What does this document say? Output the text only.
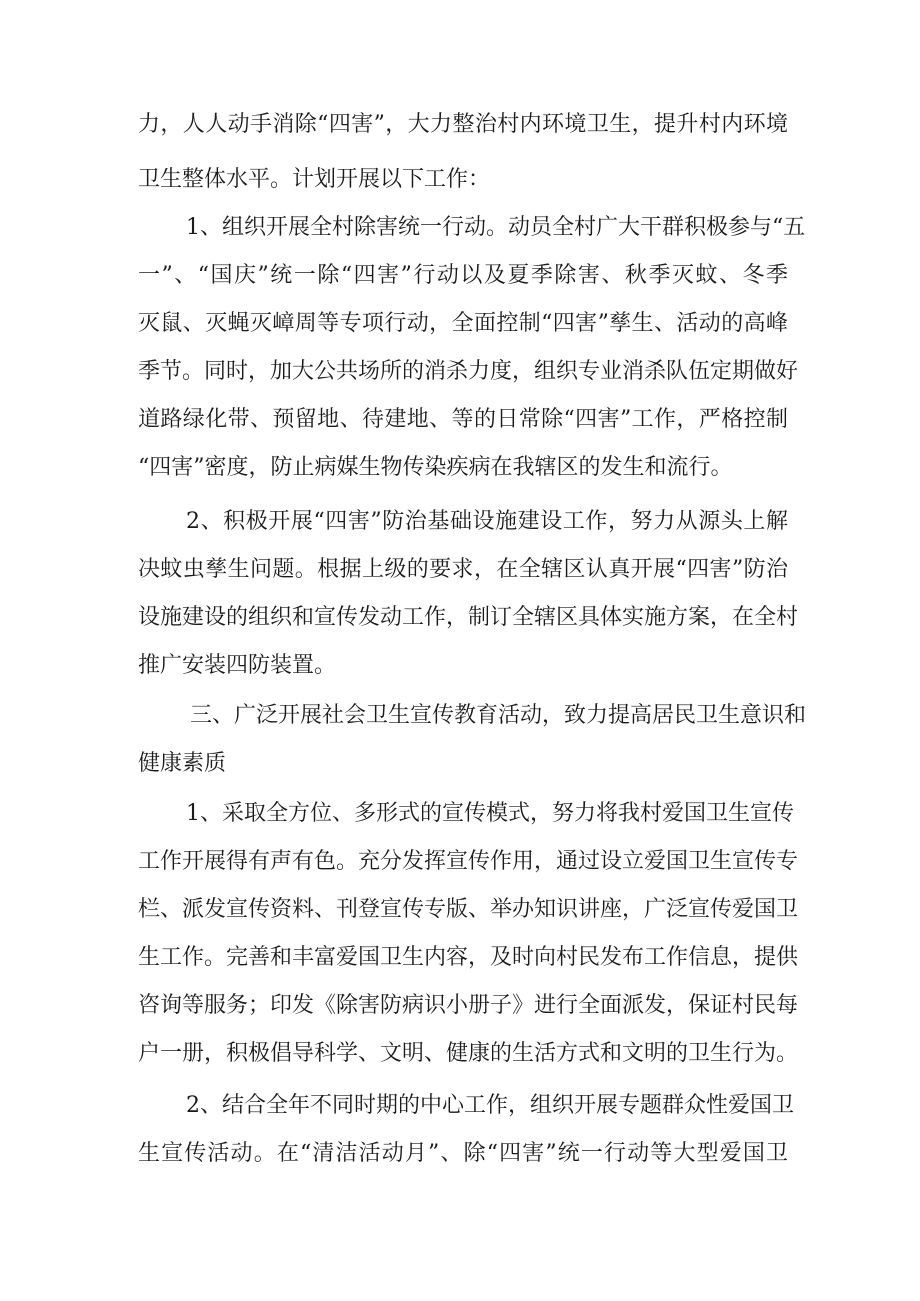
力，人人动手消除“四害”，大力整治村内环境卫生，提升村内环境
卫生整体水平。计划开展以下工作：
1、组织开展全村除害统一行动。动员全村广大干群积极参与“五
一”、“国庆”统一除“四害”行动以及夏季除害、秋季灭蚊、冬季
灭鼠、灭蝇灭嶂周等专项行动，全面控制“四害”孳生、活动的高峰
季节。同时，加大公共场所的消杀力度，组织专业消杀队伍定期做好
道路绿化带、预留地、待建地、等的日常除“四害”工作，严格控制
“四害”密度，防止病媒生物传染疾病在我辖区的发生和流行。
2、积极开展“四害”防治基础设施建设工作，努力从源头上解
决蚊虫孳生问题。根据上级的要求，在全辖区认真开展“四害”防治
设施建设的组织和宣传发动工作，制订全辖区具体实施方案，在全村
推广安装四防装置。
三、广泛开展社会卫生宣传教育活动，致力提高居民卫生意识和
健康素质
1、采取全方位、多形式的宣传模式，努力将我村爱国卫生宣传
工作开展得有声有色。充分发挥宣传作用，通过设立爱国卫生宣传专
栏、派发宣传资料、刊登宣传专版、举办知识讲座，广泛宣传爱国卫
生工作。完善和丰富爱国卫生内容，及时向村民发布工作信息，提供
咨询等服务；印发《除害防病识小册子》进行全面派发，保证村民每
户一册，积极倡导科学、文明、健康的生活方式和文明的卫生行为。
2、结合全年不同时期的中心工作，组织开展专题群众性爱国卫
生宣传活动。在“清洁活动月”、除“四害”统一行动等大型爱国卫
